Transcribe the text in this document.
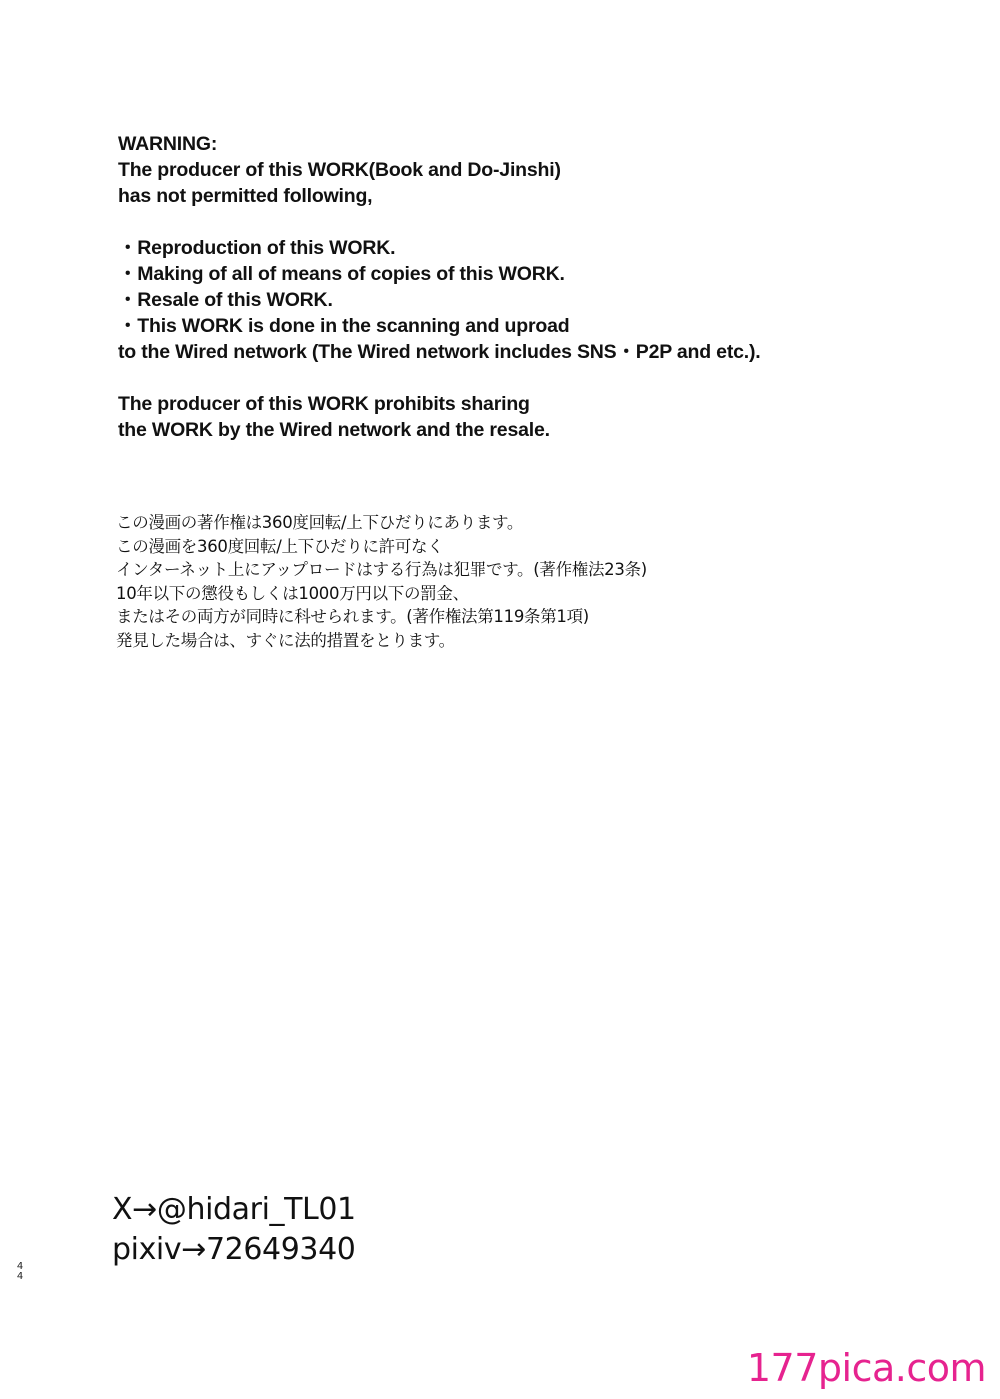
WARNING:
The producer of this WORK(Book and Do-Jinshi)
has not permitted following,
・Reproduction of this WORK.
・Making of all of means of copies of this WORK.
・Resale of this WORK.
・This WORK is done in the scanning and uproad
to the Wired network (The Wired network includes SNS・P2P and etc.).
The producer of this WORK prohibits sharing
the WORK by the Wired network and the resale.
この漫画の著作権は360度回転/上下ひだりにあります。
この漫画を360度回転/上下ひだりに許可なく
インターネット上にアップロードはする行為は犯罪です。(著作権法23条)
10年以下の懲役もしくは1000万円以下の罰金、
またはその両方が同時に科せられます。(著作権法第119条第1項)
発見した場合は、すぐに法的措置をとります。
X→@hidari_TL01
pixiv→72649340
4
4
177pica.com
